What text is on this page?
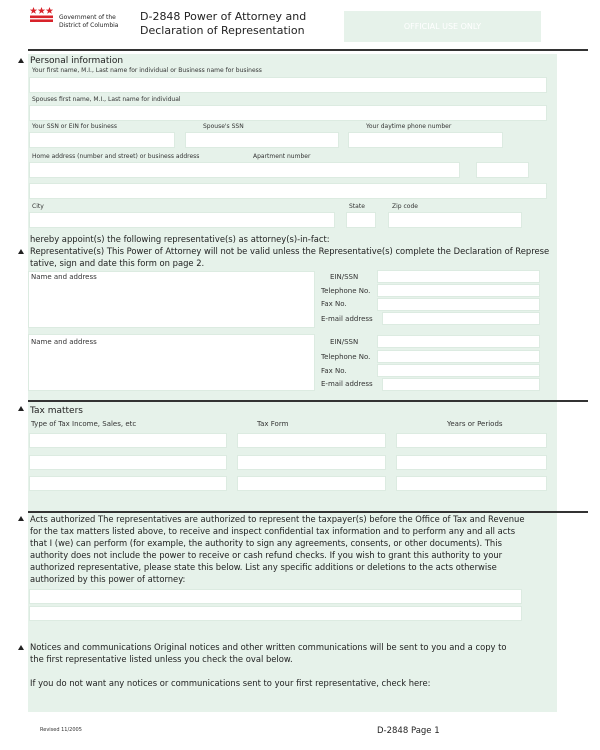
Government of the
District of Columbia
D-2848 Power of Attorney and
Declaration of Representation	OFFICIAL USE ONLY
Personal information
Your first name, M.I., Last name for individual or Business name for business
Spouses first name, M.I., Last name for individual
Your SSN or EIN for business	Spouse's SSN	Your daytime phone number
Home address (number and street) or business address	Apartment number
City	State	Zip code
hereby appoint(s) the following representative(s) as attorney(s)-in-fact:
Representative(s) This Power of Attorney will not be valid unless the Representative(s) complete the Declaration of Represe
tative, sign and date this form on page 2.
Name and address	EIN/SSN
Telephone No.
Fax No.
E-mail address
Name and address	EIN/SSN
Telephone No.
Fax No.
E-mail address
Tax matters
Type of Tax Income, Sales, etc	Tax Form	Years or Periods
Acts authorized The representatives are authorized to represent the taxpayer(s) before the Office of Tax and Revenue
for the tax matters listed above, to receive and inspect confidential tax information and to perform any and all acts
that I (we) can perform (for example, the authority to sign any agreements, consents, or other documents). This
authority does not include the power to receive or cash refund checks. If you wish to grant this authority to your
authorized representative, please state this below. List any specific additions or deletions to the acts otherwise
authorized by this power of attorney:
Notices and communications Original notices and other written communications will be sent to you and a copy to
the first representative listed unless you check the oval below.
If you do not want any notices or communications sent to your first representative, check here:
Revised 11/2005	D-2848 Page 1
